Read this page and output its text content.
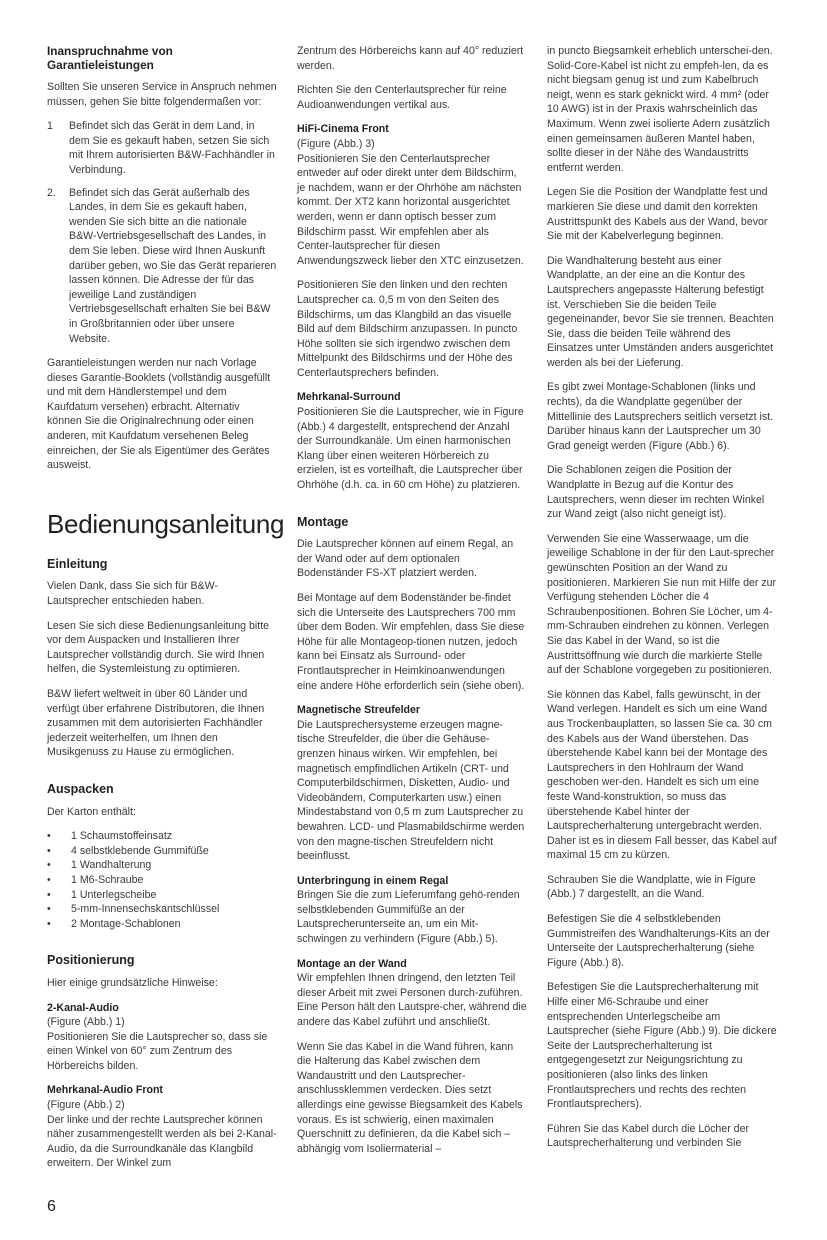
Inanspruchnahme von Garantieleistungen

Sollten Sie unseren Service in Anspruch nehmen müssen, gehen Sie bitte folgendermaßen vor:

1	Befindet sich das Gerät in dem Land, in dem Sie es gekauft haben, setzen Sie sich mit Ihrem autorisierten B&W-Fachhändler in Verbindung.
2.	Befindet sich das Gerät außerhalb des Landes, in dem Sie es gekauft haben, wenden Sie sich bitte an die nationale B&W-Vertriebsgesellschaft des Landes, in dem Sie leben. Diese wird Ihnen Auskunft darüber geben, wo Sie das Gerät reparieren lassen können. Die Adresse der für das jeweilige Land zuständigen Vertriebsgesellschaft erhalten Sie bei B&W in Großbritannien oder über unsere Website.

Garantieleistungen werden nur nach Vorlage dieses Garantie-Booklets (vollständig ausgefüllt und mit dem Händlerstempel und dem Kaufdatum versehen) erbracht. Alternativ können Sie die Originalrechnung oder einen anderen, mit Kaufdatum versehenen Beleg einreichen, der Sie als Eigentümer des Gerätes ausweist.

Bedienungsanleitung
Einleitung

Vielen Dank, dass Sie sich für B&W-Lautsprecher entschieden haben.

Lesen Sie sich diese Bedienungsanleitung bitte vor dem Auspacken und Installieren Ihrer Lautsprecher vollständig durch. Sie wird Ihnen helfen, die Systemleistung zu optimieren.

B&W liefert weltweit in über 60 Länder und verfügt über erfahrene Distributoren, die Ihnen zusammen mit dem autorisierten Fachhändler jederzeit weiterhelfen, um Ihnen den Musikgenuss zu Hause zu ermöglichen.

Auspacken

Der Karton enthält:

•	1 Schaumstoffeinsatz
•	4 selbstklebende Gummifüße
•	1 Wandhalterung
•	1 M6-Schraube
•	1 Unterlegscheibe
•	5-mm-Innensechskantschlüssel
•	2 Montage-Schablonen
Positionierung

Hier einige grundsätzliche Hinweise:

2-Kanal-Audio
(Figure (Abb.) 1)
Positionieren Sie die Lautsprecher so, dass sie einen Winkel von 60° zum Zentrum des Hörbereichs bilden.

Mehrkanal-Audio Front
(Figure (Abb.) 2)
Der linke und der rechte Lautsprecher können näher zusammengestellt werden als bei 2-Kanal-Audio, da die Surroundkanäle das Klangbild erweitern. Der Winkel zum

Zentrum des Hörbereichs kann auf 40° reduziert werden.

Richten Sie den Centerlautsprecher für reine Audioanwendungen vertikal aus.

HiFi-Cinema Front
(Figure (Abb.) 3)
Positionieren Sie den Centerlautsprecher entweder auf oder direkt unter dem Bildschirm, je nachdem, wann er der Ohrhöhe am nächsten kommt. Der XT2 kann horizontal ausgerichtet werden, wenn er dann optisch besser zum Bildschirm passt. Wir empfehlen aber als Center-lautsprecher für diesen Anwendungszweck lieber den XTC einzusetzen.

Positionieren Sie den linken und den rechten Lautsprecher ca. 0,5 m von den Seiten des Bildschirms, um das Klangbild an das visuelle Bild auf dem Bildschirm anzupassen. In puncto Höhe sollten sie sich irgendwo zwischen dem Mittelpunkt des Bildschirms und der Höhe des Centerlautsprechers befinden.

Mehrkanal-Surround
Positionieren Sie die Lautsprecher, wie in Figure (Abb.) 4 dargestellt, entsprechend der Anzahl der Surroundkanäle. Um einen harmonischen Klang über einen weiteren Hörbereich zu erzielen, ist es vorteilhaft, die Lautsprecher über Ohrhöhe (d.h. ca. in 60 cm Höhe) zu platzieren.

Montage

Die Lautsprecher können auf einem Regal, an der Wand oder auf dem optionalen Bodenständer FS-XT platziert werden.

Bei Montage auf dem Bodenständer be-findet sich die Unterseite des Lautsprechers 700 mm über dem Boden. Wir empfehlen, dass Sie diese Höhe für alle Montageop-tionen nutzen, jedoch kann bei Einsatz als Surround- oder Frontlautsprecher in Heimkinoanwendungen eine andere Höhe erforderlich sein (siehe oben).

Magnetische Streufelder
Die Lautsprechersysteme erzeugen magne-tische Streufelder, die über die Gehäuse-grenzen hinaus wirken. Wir empfehlen, bei magnetisch empfindlichen Artikeln (CRT- und Computerbildschirmen, Disketten, Audio- und Videobändern, Computerkarten usw.) einen Mindestabstand von 0,5 m zum Lautsprecher zu bewahren. LCD- und Plasmabildschirme werden von den magne-tischen Streufeldern nicht beeinflusst.

Unterbringung in einem Regal
Bringen Sie die zum Lieferumfang gehö-renden selbstklebenden Gummifüße an der Lautsprecherunterseite an, um ein Mit-schwingen zu verhindern (Figure (Abb.) 5).

Montage an der Wand
Wir empfehlen Ihnen dringend, den letzten Teil dieser Arbeit mit zwei Personen durch-zuführen. Eine Person hält den Lautspre-cher, während die andere das Kabel zuführt und anschließt.

Wenn Sie das Kabel in die Wand führen, kann die Halterung das Kabel zwischen dem Wandaustritt und den Lautsprecher-anschlussklemmen verdecken. Dies setzt allerdings eine gewisse Biegsamkeit des Kabels voraus. Es ist schwierig, einen maximalen Querschnitt zu definieren, da die Kabel sich – abhängig vom Isoliermaterial –

in puncto Biegsamkeit erheblich unterschei-den. Solid-Core-Kabel ist nicht zu empfeh-len, da es nicht biegsam genug ist und zum Kabelbruch neigt, wenn es stark geknickt wird. 4 mm² (oder 10 AWG) ist in der Praxis wahrscheinlich das Maximum. Wenn zwei isolierte Adern zusätzlich einen gemeinsamen äußeren Mantel haben, sollte dieser in der Nähe des Wandaustritts entfernt werden.

Legen Sie die Position der Wandplatte fest und markieren Sie diese und damit den korrekten Austrittspunkt des Kabels aus der Wand, bevor Sie mit der Kabelverlegung beginnen.

Die Wandhalterung besteht aus einer Wandplatte, an der eine an die Kontur des Lautsprechers angepasste Halterung befestigt ist. Verschieben Sie die beiden Teile gegeneinander, bevor Sie sie trennen. Beachten Sie, dass die beiden Teile während des Einsatzes unter Umständen anders ausgerichtet werden als bei der Lieferung.

Es gibt zwei Montage-Schablonen (links und rechts), da die Wandplatte gegenüber der Mittellinie des Lautsprechers seitlich versetzt ist. Darüber hinaus kann der Lautsprecher um 30 Grad geneigt werden (Figure (Abb.) 6).

Die Schablonen zeigen die Position der Wandplatte in Bezug auf die Kontur des Lautsprechers, wenn dieser im rechten Winkel zur Wand zeigt (also nicht geneigt ist).

Verwenden Sie eine Wasserwaage, um die jeweilige Schablone in der für den Laut-sprecher gewünschten Position an der Wand zu positionieren. Markieren Sie nun mit Hilfe der zur Verfügung stehenden Löcher die 4 Schraubenpositionen. Bohren Sie Löcher, um 4-mm-Schrauben eindrehen zu können. Verlegen Sie das Kabel in der Wand, so ist die Austrittsöffnung wie durch die markierte Stelle auf der Schablone vorgegeben zu positionieren.

Sie können das Kabel, falls gewünscht, in der Wand verlegen. Handelt es sich um eine Wand aus Trockenbauplatten, so lassen Sie ca. 30 cm des Kabels aus der Wand überstehen. Das überstehende Kabel kann bei der Montage des Lautsprechers in den Hohlraum der Wand geschoben wer-den. Handelt es sich um eine feste Wand-konstruktion, so muss das überstehende Kabel hinter der Lautsprecherhalterung untergebracht werden. Daher ist es in diesem Fall besser, das Kabel auf maximal 15 cm zu kürzen.

Schrauben Sie die Wandplatte, wie in Figure (Abb.) 7 dargestellt, an die Wand.

Befestigen Sie die 4 selbstklebenden Gummistreifen des Wandhalterungs-Kits an der Unterseite der Lautsprecherhalterung (siehe Figure (Abb.) 8).

Befestigen Sie die Lautsprecherhalterung mit Hilfe einer M6-Schraube und einer entsprechenden Unterlegscheibe am Lautsprecher (siehe Figure (Abb.) 9). Die dickere Seite der Lautsprecherhalterung ist entgegengesetzt zur Neigungsrichtung zu positionieren (also links des linken Frontlautsprechers und rechts des rechten Frontlautsprechers).

Führen Sie das Kabel durch die Löcher der Lautsprecherhalterung und verbinden Sie

6
